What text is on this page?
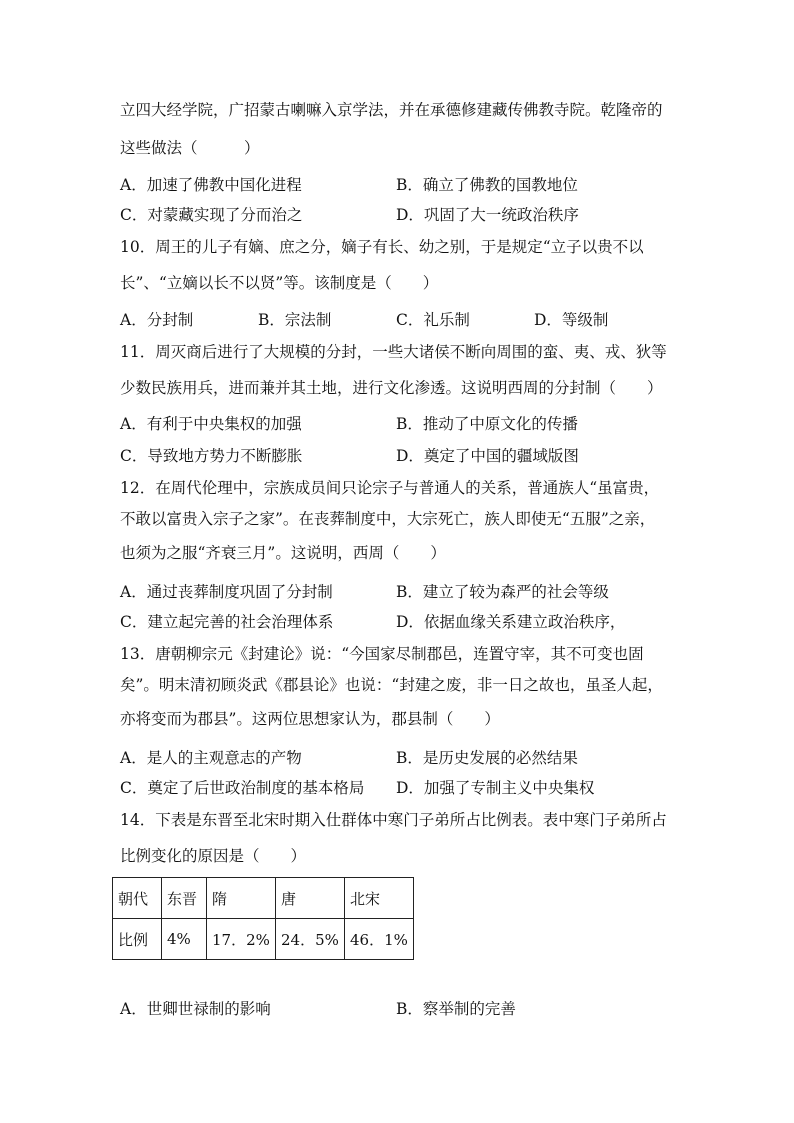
立四大经学院，广招蒙古喇嘛入京学法，并在承德修建藏传佛教寺院。乾隆帝的

这些做法（　　　）

A．加速了佛教中国化进程	B．确立了佛教的国教地位
C．对蒙藏实现了分而治之	D．巩固了大一统政治秩序

10．周王的儿子有嫡、庶之分，嫡子有长、幼之别，于是规定“立子以贵不以

长”、“立嫡以长不以贤”等。该制度是（　　）

A．分封制	B．宗法制	C．礼乐制	D．等级制

11．周灭商后进行了大规模的分封，一些大诸侯不断向周围的蛮、夷、戎、狄等

少数民族用兵，进而兼并其土地，进行文化渗透。这说明西周的分封制（　　）

A．有利于中央集权的加强	B．推动了中原文化的传播
C．导致地方势力不断膨胀	D．奠定了中国的疆域版图

12．在周代伦理中，宗族成员间只论宗子与普通人的关系，普通族人“虽富贵，

不敢以富贵入宗子之家”。在丧葬制度中，大宗死亡，族人即使无“五服”之亲，

也须为之服“齐衰三月”。这说明，西周（　　）

A．通过丧葬制度巩固了分封制	B．建立了较为森严的社会等级
C．建立起完善的社会治理体系	D．依据血缘关系建立政治秩序，

13．唐朝柳宗元《封建论》说：“今国家尽制郡邑，连置守宰，其不可变也固

矣”。明末清初顾炎武《郡县论》也说：“封建之废，非一日之故也，虽圣人起，

亦将变而为郡县”。这两位思想家认为，郡县制（　　）

A．是人的主观意志的产物	B．是历史发展的必然结果
C．奠定了后世政治制度的基本格局 D．加强了专制主义中央集权

14．下表是东晋至北宋时期入仕群体中寒门子弟所占比例表。表中寒门子弟所占

比例变化的原因是（　　）

朝代	东晋	隋	唐	北宋
比例	4%	17．2%	24．5%	46．1%
A．世卿世禄制的影响	B．察举制的完善
